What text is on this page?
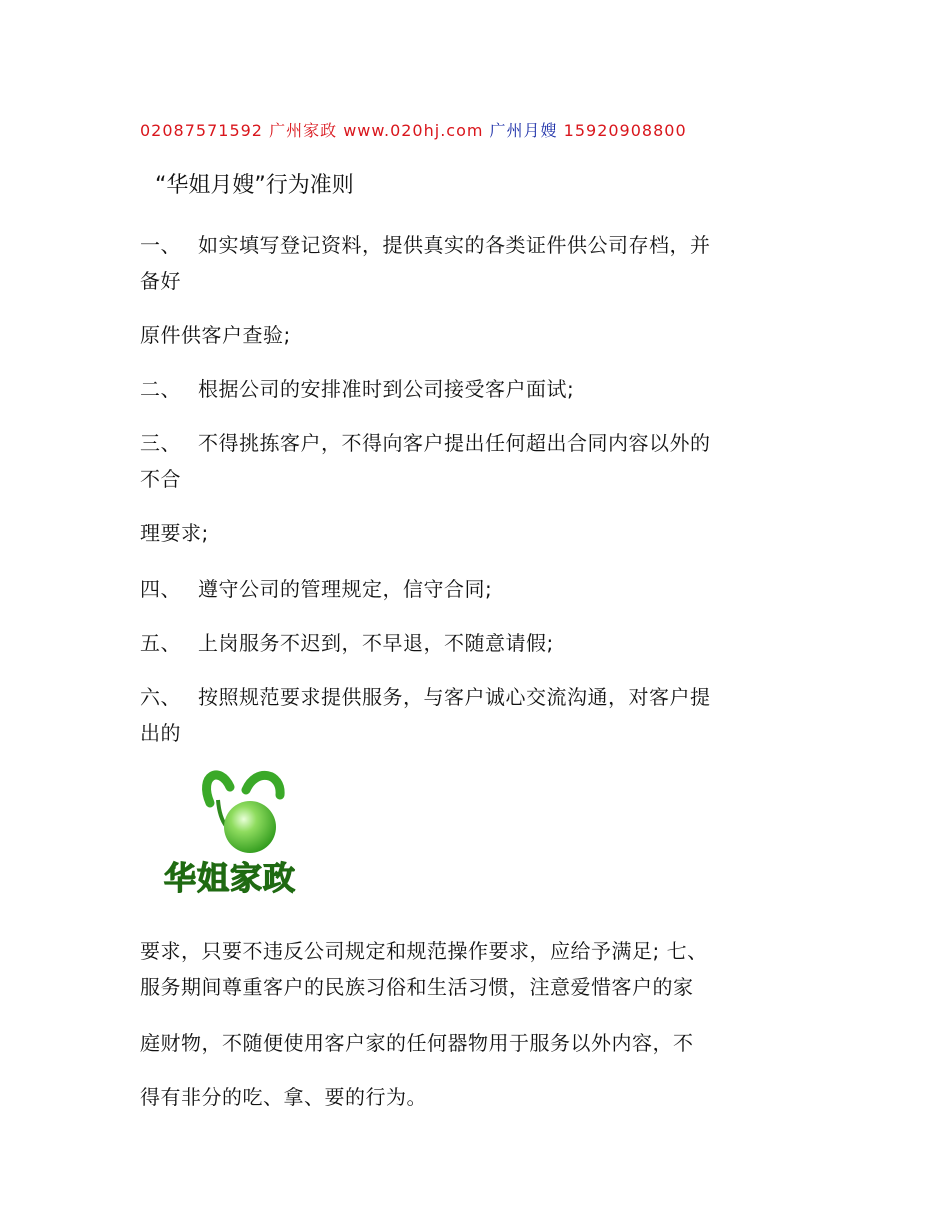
02087571592 广州家政 www.020hj.com 广州月嫂 15920908800
“华姐月嫂”行为准则
一、 如实填写登记资料，提供真实的各类证件供公司存档，并
备好
原件供客户查验;
二、 根据公司的安排准时到公司接受客户面试;
三、 不得挑拣客户，不得向客户提出任何超出合同内容以外的
不合
理要求;
四、 遵守公司的管理规定，信守合同;
五、 上岗服务不迟到，不早退，不随意请假;
六、 按照规范要求提供服务，与客户诚心交流沟通，对客户提
出的
华姐家政
要求，只要不违反公司规定和规范操作要求，应给予满足; 七、
服务期间尊重客户的民族习俗和生活习惯，注意爱惜客户的家
庭财物，不随便使用客户家的任何器物用于服务以外内容，不
得有非分的吃、拿、要的行为。
